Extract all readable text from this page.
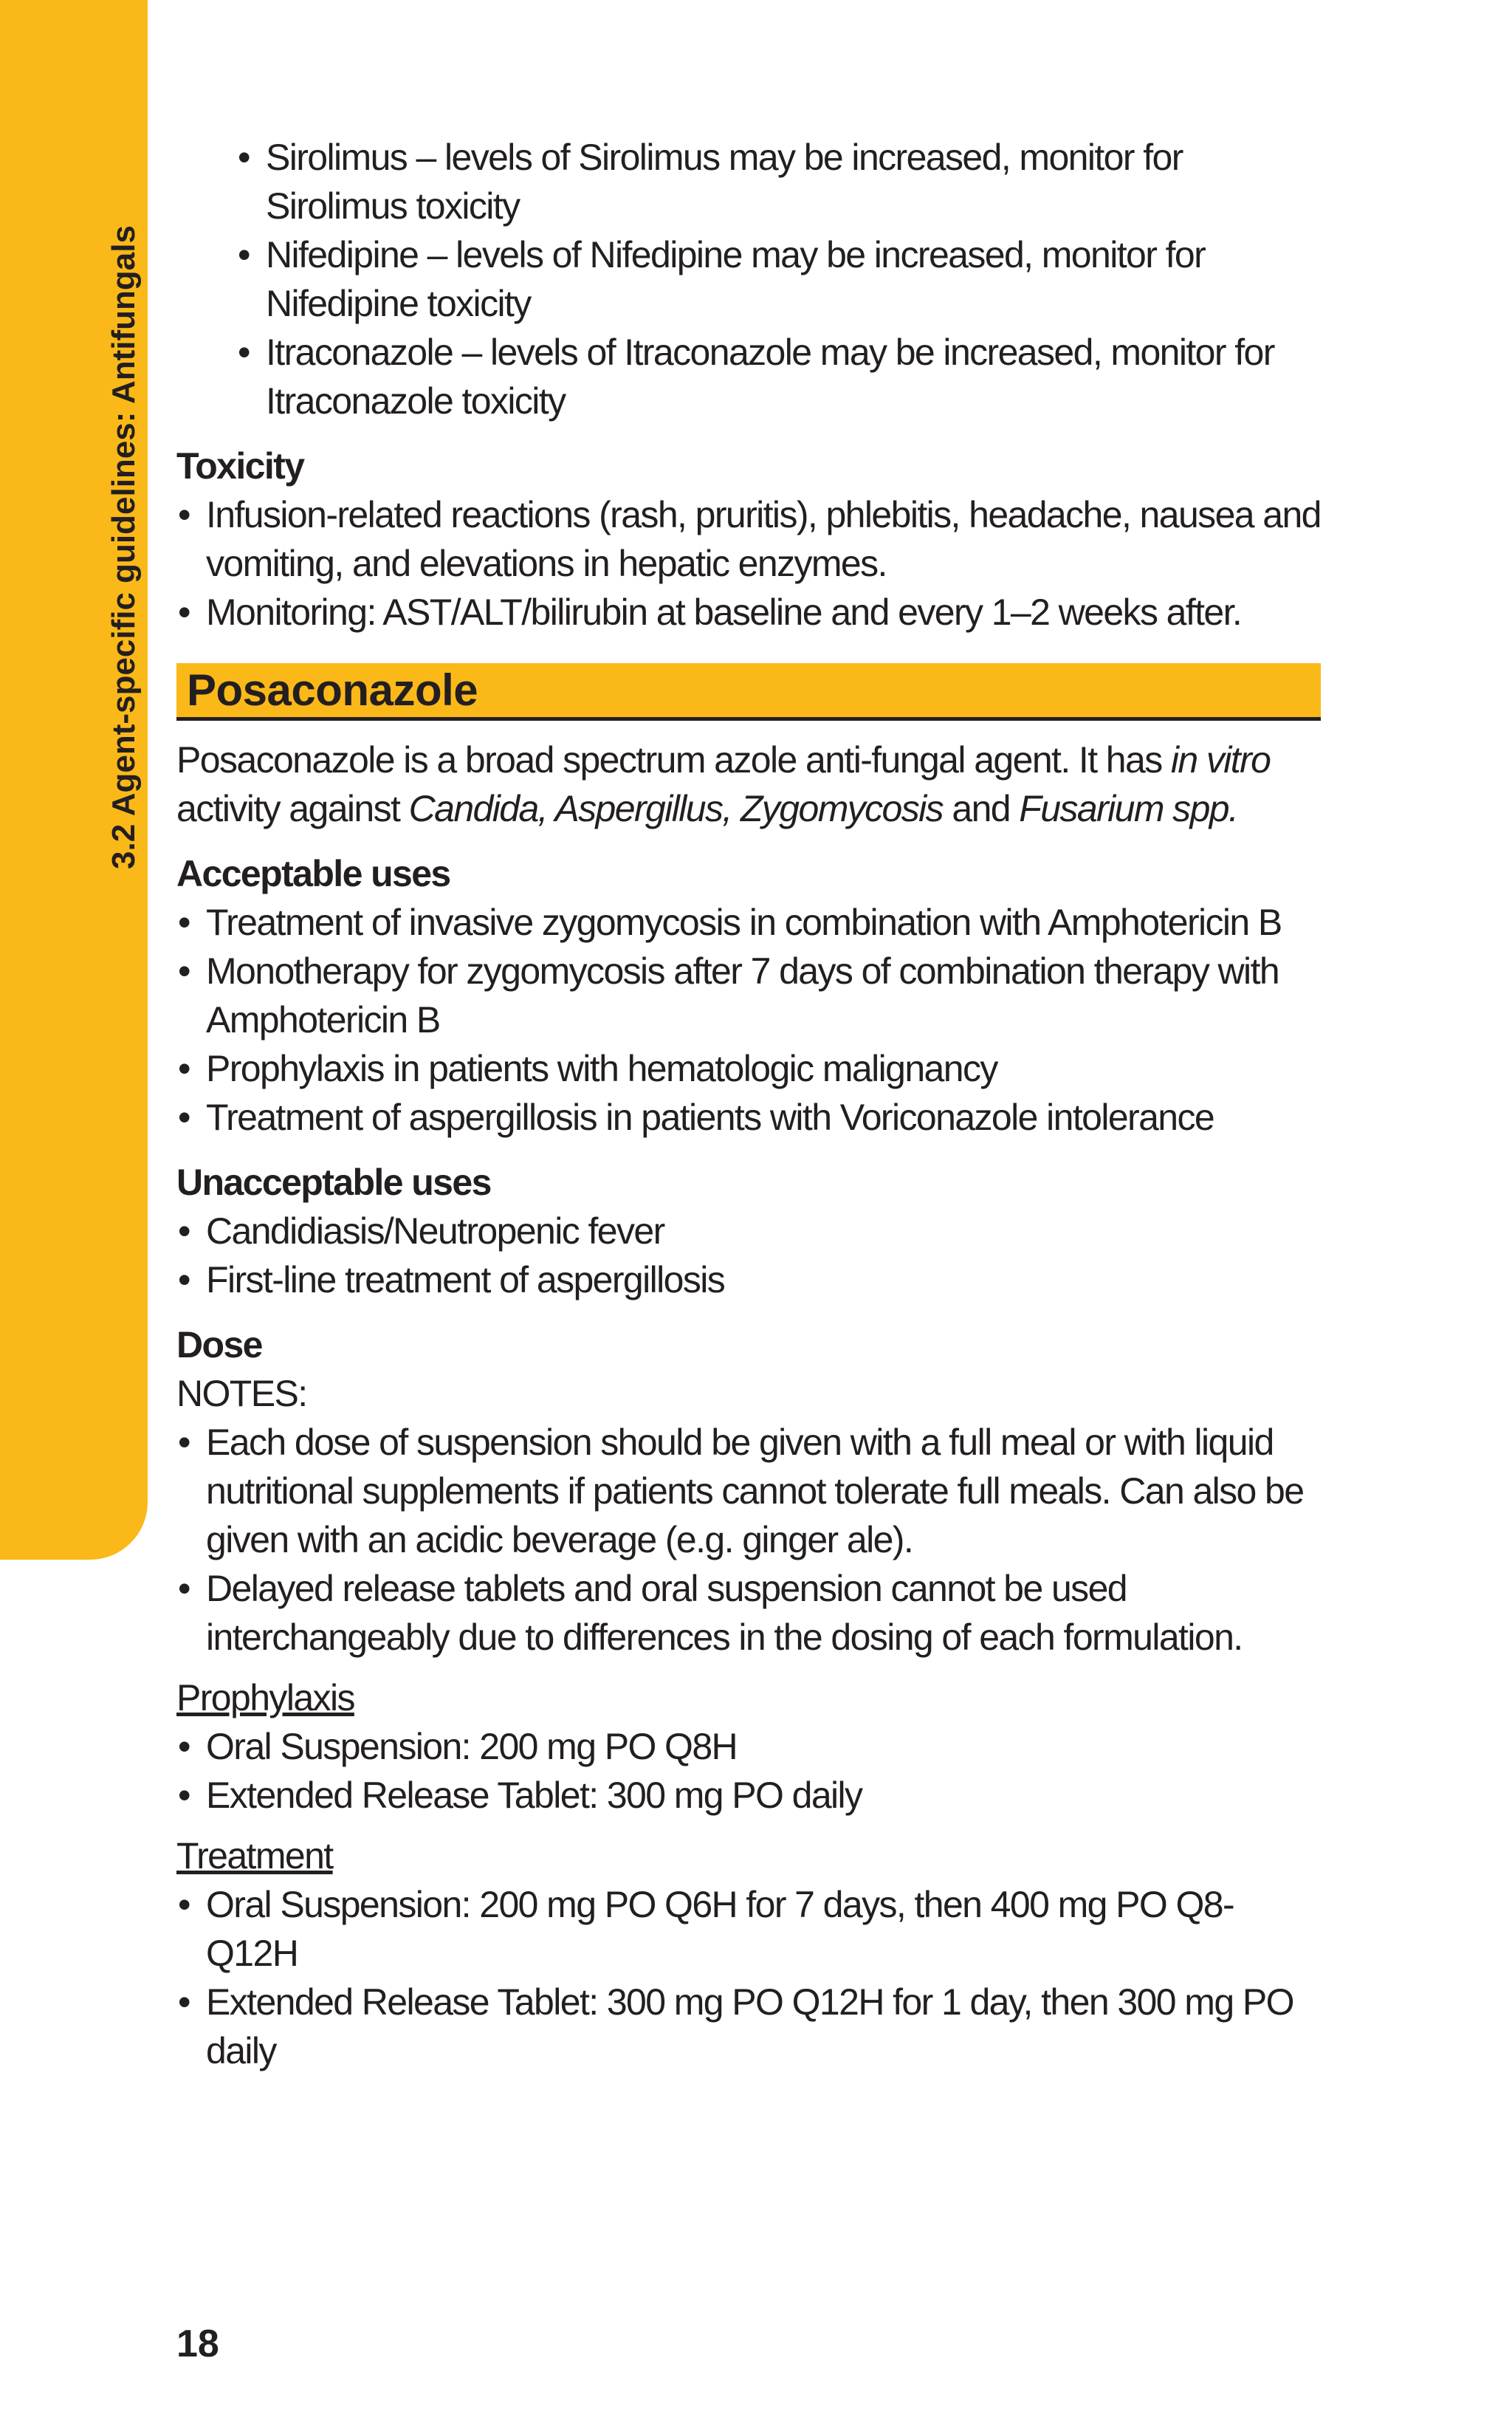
3.2 Agent-specific guidelines: Antifungals
• Sirolimus – levels of Sirolimus may be increased, monitor for Sirolimus toxicity
• Nifedipine – levels of Nifedipine may be increased, monitor for Nifedipine toxicity
• Itraconazole – levels of Itraconazole may be increased, monitor for Itraconazole toxicity
Toxicity
• Infusion-related reactions (rash, pruritis), phlebitis, headache, nausea and vomiting, and elevations in hepatic enzymes.
• Monitoring: AST/ALT/bilirubin at baseline and every 1–2 weeks after.
Posaconazole

Posaconazole is a broad spectrum azole anti-fungal agent. It has in vitro activity against Candida, Aspergillus, Zygomycosis and Fusarium spp.

Acceptable uses
• Treatment of invasive zygomycosis in combination with Amphotericin B
• Monotherapy for zygomycosis after 7 days of combination therapy with Amphotericin B
• Prophylaxis in patients with hematologic malignancy
• Treatment of aspergillosis in patients with Voriconazole intolerance
Unacceptable uses
• Candidiasis/Neutropenic fever
• First-line treatment of aspergillosis
Dose

NOTES:

• Each dose of suspension should be given with a full meal or with liquid nutritional supplements if patients cannot tolerate full meals. Can also be given with an acidic beverage (e.g. ginger ale).
• Delayed release tablets and oral suspension cannot be used interchangeably due to differences in the dosing of each formulation.

Prophylaxis

• Oral Suspension: 200 mg PO Q8H
• Extended Release Tablet: 300 mg PO daily

Treatment

• Oral Suspension: 200 mg PO Q6H for 7 days, then 400 mg PO Q8-Q12H
• Extended Release Tablet: 300 mg PO Q12H for 1 day, then 300 mg PO daily
18
